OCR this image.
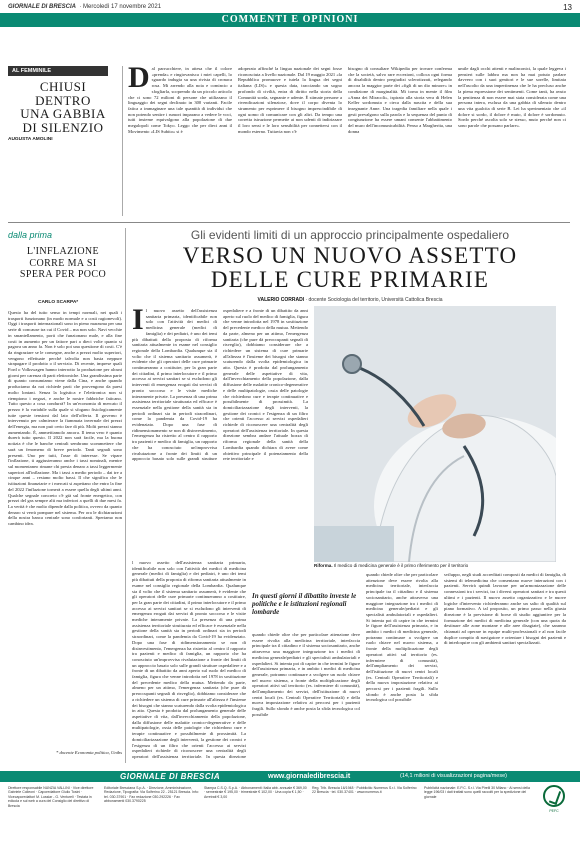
GIORNALE DI BRESCIA  · Mercoledì 17 novembre 2021	13
COMMENTI E OPINIONI
AL FEMMINILE
CHIUSI
DENTRO
UNA GABBIA
DI SILENZIO
AUGUSTA AMOLINI
Dal parrucchiere, in attesa che il colore «prenda» e ringiovanisca i miei capelli, lo sguardo indugia su una rivista di cronaca rosa. Mi arrendo alla noia e comincio a sfogliarla, scoprendo da un piccolo articolo che ci sono 72 milioni di persone che utilizzano il linguaggio dei segni declinato in 300 varianti. Facile fatica a immaginare una tale quantità di individui che non potendo sentire i rumori imparano a vedere le voci, tutti insieme equivalgono alla popolazione di due megalopoli come Tokyo. Leggo che per dieci anni il Movimento «LIS Subito» si è
adoperato affinché la lingua nazionale dei segni fosse riconosciuta a livello nazionale. Dal 19 maggio 2021 «la Repubblica promuove e tutela la lingua dei segni italiana (LIS)» e questa data, tracciando un sogno profondo di civiltà, entra di diritto nella storia della Comunità sorda, segnante e udente. È stimate persone a rivendicazioni silenziose, dove il corpo diventa lo strumento per esprimere il bisogno imprescindibile di ogni uomo di comunicare con gli altri. Da tempo una corretta istruzione permette ai non udenti di indirizzare il loro sensi e le loro sensibilità per connettersi con il mondo esterno. Tuttavia non c'è
bisogno di consultare Wikipedia per trovare conferma che la società, salvo rare eccezioni, colloca ogni forma di disabilità dentro pregiudizi sclerotizzati, relegando ancora la maggior parte dei «figli di un dio minore» in condizione di marginalità. Mi torna in mente il film «Anna dei Miracoli», ispirato alla storia vera di Helen Keller sordomuta e cieca dalla nascita e della sua insegnante Anne. Una tragedia familiare nella quale i gesti prevalgono sulla parola e la sequenza del punto di congiunzione ha essere umani consente l'abbattimento del muro dell'incomunicabilità. Penso a Margherita, una donna
umile dagli occhi attenti e malinconici, la quale leggeva i pensieri sulle labbra ma non ha mai potuto parlare davvero con i suoi genitori e le sue sorelle, limitata nell'ascolto da una impertinenza che le ha precluso anche la piena espressione dei sentimenti. Come tanti, ha avuto la penitenza di non essere mai stata considerata come una persona intera, esclusa da una gabbia di silenzio dentro una vita gualcita di serie B. Lei ha sperimentato che «il dolore si sordo, il dolore è muto, il dolore è sordomuto. Sordo perché ascolta solo se stesso, muto perché non ci sono parole che possano parlare».
dalla prima
L'INFLAZIONE
CORRE MA SI
SPERA PER POCO
CARLO SCARPA*
Questo ha del tutto senso in tempi normali, nei quali i trasporti funzionano (in modo normale e a costi ragionevoli). Oggi i trasporti internazionali sono in pieno marasma per una serie di concause tra cui il Covid – ma non solo. Navi vecchie in smantellamento, porti che funzionano male, e alla fine costi in aumento per un fattore pari a dieci volte quanto si pagava un anno fa. Non è solo poi una questione di costi. C'è da ringraziare se le consegne, anche a prezzi molto superiori, vengono effettuate perché talvolta non basta neppure strapagare il prodotto o il servizio. Di recente, imprese quali Ford o Volkswagen hanno interrotto la produzione per alcuni giorni per carenza di parti elettroniche. Una grandissima parte di quanto consumiamo viene dalla Cina, e anche quando produciamo da noi richiede parti che provengono da paesi molto lontani. Senza la logistica e l'elettronica non si riempiono i negozi, e anche le nostre fabbriche faticano. Tutto questo a cosa condurrà? In un'economia di mercato il prezzo è la variabile sulla quale si sfogano fisiologicamente tutte queste tensioni dal lato dell'offerta. Il governo è intervenuto per calmierare la fiammata invernale dei prezzi dell'energia, ma non può certo fare di più. Molti prezzi stanno aumentando. È, ammettiamolo ancora. Il tema vero è quanto durerà tutto questo. Il 2022 non sarà facile, ma la buona notizia è che le banche centrali sembrano scommettere che sarà un fenomeno di breve periodo. Tanti segnali sono presenti. Uno per tutti, l'asse di interesse. Se vipare l'inflazione, ti aggiusteranno anche i tassi nominali, mentre sul momentaneo rimane chi presta denaro a tassi leggermente superiori all'inflazione. Ma i tassi a medio periodo – dai tre a cinque anni – restano molto bassi. Il che significa che le istituzioni finanziarie e i mercati si aspettano che entro la fine del 2022 l'inflazione tornerà a essere quella degli ultimi anni. Qualche segnale concreto c'è già sul fronte energetico, con prezzi del gas sempre alti ma inferiori a quelli di due mesi fa. La verità è che molto dipende dalla politica, ovvero da quanto denaro si verrà pompare nel sistema. Per ora le dichiarazioni della nostra banca centrale sono confortanti. Speriamo non cambino idea.
* docente Economia politica, Unibs
Gli evidenti limiti di un approccio principalmente ospedaliero
VERSO UN NUOVO ASSETTO
DELLE CURE PRIMARIE
VALERIO CORRADI · docente Sociologia del territorio, Università Cattolica Brescia
Il nuovo assetto dell'assistenza sanitaria primaria, identificabile non solo con l'attività dei medici di medicina generale (medici di famiglia) e dei pediatri, è uno dei temi più dibattuti della proposta di riforma sanitaria attualmente in esame nel consiglio regionale della Lombardia. Qualunque sia il volto che il sistema sanitario assumerà, è evidente che gli operatori delle cure primarie continueranno a costituire, per la gran parte dei cittadini, il primo interlocutore e il primo accesso ai servizi sanitari se si escludono gli interventi di emergenza erogati dai servizi di pronto soccorso e le visite mediche interamente private. La presenza di una prima assistenza territoriale strutturata ed efficace è essenziale nella gestione della sanità sia in periodi ordinari sia in periodi straordinari, come la pandemia da Covid-19 ha evidenziato. Dopo una fase di ridimensionamento se non di disinvestimento, l'emergenza ha ristretto al centro il rapporto tra pazienti e medico di famiglia, un rapporto che ha conosciuto un'improvvisa rivalutazione a fronte dei limiti di un approccio basato solo sulle grandi strutture ospedaliere e a fronte di un dibattito da anni aperto sul ruolo del medico di famiglia, figura che venne introdotta nel 1978 in sostituzione del precedente medico della mutua. Mettendo da parte, almeno per un attimo, l'emergenza sanitaria (che pure dà preoccupanti segnali di risveglio), dobbiamo considerare che a richiedere un sistema di cure primarie all'altezza è l'insieme dei bisogni che stanno scaturendo dalla svolta epidemiologica in atto. Questa è prodotta dal prolungamento generale delle aspettative di vita, dall'invecchiamento della popolazione, dalla diffusione delle malattie cronico-degenerative e delle multipatologie, ossia delle patologie che richiedono cure e terapie continuative e possibilmente di prossimità. La domiciliarizzazione degli interventi, la gestione dei cronici e l'esigenza di un filtro che orienti l'accesso ai servizi ospedalieri richiede di riconoscere una centralità degli operatori dell'assistenza territoriale. In questa direzione sembra andare l'attuale bozza di riforma regionale della sanità della Lombardia quando dichiara di avere come obiettivo principale il potenziamento della rete territoriale e
l nuovo assetto dell'assistenza sanitaria primaria, identificabile non solo con l'attività dei medici di medicina generale (medici di famiglia) e dei pediatri, è uno dei temi più dibattuti della proposta di riforma sanitaria attualmente in esame nel consiglio regionale della Lombardia. Qualunque sia il volto che il sistema sanitario assumerà, è evidente che gli operatori delle cure primarie continueranno a costituire, per la gran parte dei cittadini, il primo interlocutore e il primo accesso ai servizi sanitari se si escludono gli interventi di emergenza erogati dai servizi di pronto soccorso e le visite mediche interamente private. La presenza di una prima assistenza territoriale strutturata ed efficace è essenziale nella gestione della sanità sia in periodi ordinari sia in periodi straordinari, come la pandemia da Covid-19 ha evidenziato. Dopo una fase di ridimensionamento se non di disinvestimento, l'emergenza ha ristretto al centro il rapporto tra pazienti e medico di famiglia, un rapporto che ha conosciuto un'improvvisa rivalutazione a fronte dei limiti di un approccio basato solo sulle grandi strutture ospedaliere e a fronte di un dibattito da anni aperto sul ruolo del medico di famiglia, figura che venne introdotta nel 1978 in sostituzione del precedente medico della mutua. Mettendo da parte, almeno per un attimo, l'emergenza sanitaria (che pure dà preoccupanti segnali di risveglio), dobbiamo considerare che a richiedere un sistema di cure primarie all'altezza è l'insieme dei bisogni che stanno scaturendo dalla svolta epidemiologica in atto. Questa è prodotta dal prolungamento generale delle aspettative di vita, dall'invecchiamento della popolazione, dalla diffusione delle malattie cronico-degenerative e delle multipatologie, ossia delle patologie che richiedono cure e terapie continuative e possibilmente di prossimità. La domiciliarizzazione degli interventi, la gestione dei cronici e l'esigenza di un filtro che orienti l'accesso ai servizi ospedalieri richiede di riconoscere una centralità degli operatori dell'assistenza territoriale. In questa direzione
Riforma. Il medico di medicina generale è il primo riferimento per il territorio
In questi giorni il dibattito investe le politiche e le istituzioni regionali lombarde
quando chiede oltre che per particolare attenzione deve essere rivolta alla medicina territoriale, interfaccia principale tra il cittadino e il sistema sociosanitario, anche attraverso una maggiore integrazione tra i medici di medicina generale/pediatri e gli specialisti ambulatoriali e ospedalieri. Si intenta poi di capire in che termini le figure dell'assistenza primaria, e in ambito i medici di medicina generale, potranno continuare a svolgere un ruolo chiave nel nuovo sistema, a fronte della moltiplicazione degli operatori attivi sul territorio (es. infermiere di comunità), dell'ampliamento dei servizi, dell'istituzione di nuovi centri locali (es. Centrali Operative Territoriali) e della nuova impostazione relativa ai percorsi per i pazienti fragili. Sullo sfondo è anche posta la sfida tecnologica col possibile
quando chiede oltre che per particolare attenzione deve essere rivolta alla medicina territoriale, interfaccia principale tra il cittadino e il sistema sociosanitario, anche attraverso una maggiore integrazione tra i medici di medicina generale/pediatri e gli specialisti ambulatoriali e ospedalieri. Si intenta poi di capire in che termini le figure dell'assistenza primaria, e in ambito i medici di medicina generale, potranno continuare a svolgere un ruolo chiave nel nuovo sistema, a fronte della moltiplicazione degli operatori attivi sul territorio (es. infermiere di comunità), dell'ampliamento dei servizi, dell'istituzione di nuovi centri locali (es. Centrali Operative Territoriali) e della nuova impostazione relativa ai percorsi per i pazienti fragili. Sullo sfondo è anche posta la sfida tecnologica col possibile
sviluppo, negli studi accreditati composti da medici di famiglia, di sistemi di telemedicina che consentano nuove interazioni con i pazienti. Servirà quindi lavorare per un'armonizzazione delle connessioni tra i servizi, tra i diversi operatori sanitari e tra questi ultimi e i pazienti. Il nuovo assetto organizzativo e le nuove logiche d'intervento richiederanno anche un salto di qualità sul piano formativo. A tal proposito, un primo passo nella giusta direzione è la previsione di borse di studio aggiuntive per la formazione dei medici di medicina generale (con una quota da destinare alle zone montane e alle aree disagiate), che saranno chiamati ad operare in equipe multi-professionali e al non facile duplice compito di navigatore e orientare i bisogni dei pazienti e di interloquire con gli ambienti sanitari specializzati.
GIORNALE DI BRESCIA	www.giornaledibrescia.it	(14,1 milioni di visualizzazioni pagina/mese)
Direttore responsabile NUNZIA VALLINI · Vice direttore Gabriele Colleoni · Caporedattore Giulio Tosini · Vicecaporedattori M. Lussiar - G. Ventureli · Testata in edicola e sul web a cura del Consiglio del direttivo di Brescia
Editoriale Bresciana S.p.A. · Direzione, Amministrazione, Redazione, Tipografia: Via Solferino 22 - 25121 Brescia. Info: tel. 030.37901 · Fax redazione 030.292226 · Fax abbonamenti 030.3790225
Stampa C.S.Q. S.p.A. · Abbonamenti: Italia abb. annuale € 369,00 · semestrale € 195,00 · trimestrale € 102,00 · Una copia € 1,50 · Arretrati € 3,00
Reg. Trib. Brescia 16/1948 · Pubblicità: Numerus S.r.l. Via Solferino 22 Brescia · tel. 030.37401 · www.numerus.it
Pubblicità nazionale: E.P.C. S.r.l. Via Pirelli 30 Milano · Ai sensi della legge 196/03 i dati trattati sono quelli raccolti per la spedizione del giornale
PEFC
